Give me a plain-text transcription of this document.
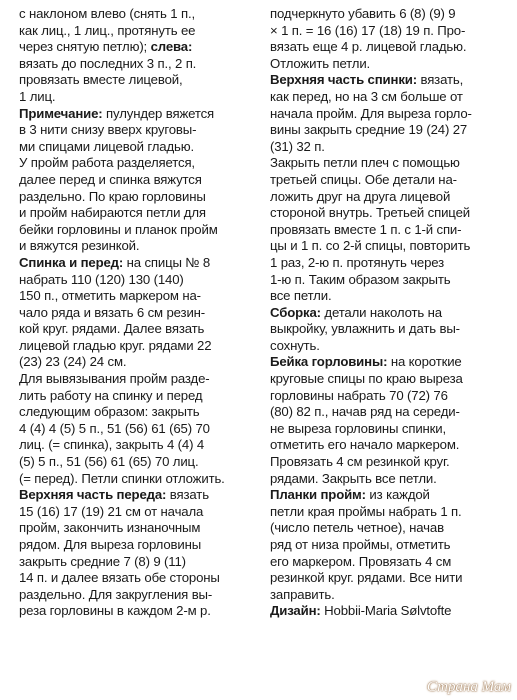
с наклоном влево (снять 1 п.,
как лиц., 1 лиц., протянуть ее
через снятую петлю); слева:
вязать до последних 3 п., 2 п.
провязать вместе лицевой,
1 лиц.
Примечание: пулундер вяжется
в 3 нити снизу вверх круговы-
ми спицами лицевой гладью.
У пройм работа разделяется,
далее перед и спинка вяжутся
раздельно. По краю горловины
и пройм набираются петли для
бейки горловины и планок пройм
и вяжутся резинкой.
Спинка и перед: на спицы № 8
набрать 110 (120) 130 (140)
150 п., отметить маркером на-
чало ряда и вязать 6 см резин-
кой круг. рядами. Далее вязать
лицевой гладью круг. рядами 22
(23) 23 (24) 24 см.
Для вывязывания пройм разде-
лить работу на спинку и перед
следующим образом: закрыть
4 (4) 4 (5) 5 п., 51 (56) 61 (65) 70
лиц. (= спинка), закрыть 4 (4) 4
(5) 5 п., 51 (56) 61 (65) 70 лиц.
(= перед). Петли спинки отложить.
Верхняя часть переда: вязать
15 (16) 17 (19) 21 см от начала
пройм, закончить изнаночным
рядом. Для выреза горловины
закрыть средние 7 (8) 9 (11)
14 п. и далее вязать обе стороны
раздельно. Для закругления вы-
реза горловины в каждом 2-м р.
подчеркнуто убавить 6 (8) (9) 9
× 1 п. = 16 (16) 17 (18) 19 п. Про-
вязать еще 4 р. лицевой гладью.
Отложить петли.
Верхняя часть спинки: вязать,
как перед, но на 3 см больше от
начала пройм. Для выреза горло-
вины закрыть средние 19 (24) 27
(31) 32 п.
Закрыть петли плеч с помощью
третьей спицы. Обе детали на-
ложить друг на друга лицевой
стороной внутрь. Третьей спицей
провязать вместе 1 п. с 1-й спи-
цы и 1 п. со 2-й спицы, повторить
1 раз, 2-ю п. протянуть через
1-ю п. Таким образом закрыть
все петли.
Сборка: детали наколоть на
выкройку, увлажнить и дать вы-
сохнуть.
Бейка горловины: на короткие
круговые спицы по краю выреза
горловины набрать 70 (72) 76
(80) 82 п., начав ряд на середи-
не выреза горловины спинки,
отметить его начало маркером.
Провязать 4 см резинкой круг.
рядами. Закрыть все петли.
Планки пройм: из каждой
петли края проймы набрать 1 п.
(число петель четное), начав
ряд от низа проймы, отметить
его маркером. Провязать 4 см
резинкой круг. рядами. Все нити
заправить.
Дизайн: Hobbii-Maria Sølvtofte
Страна Мам
